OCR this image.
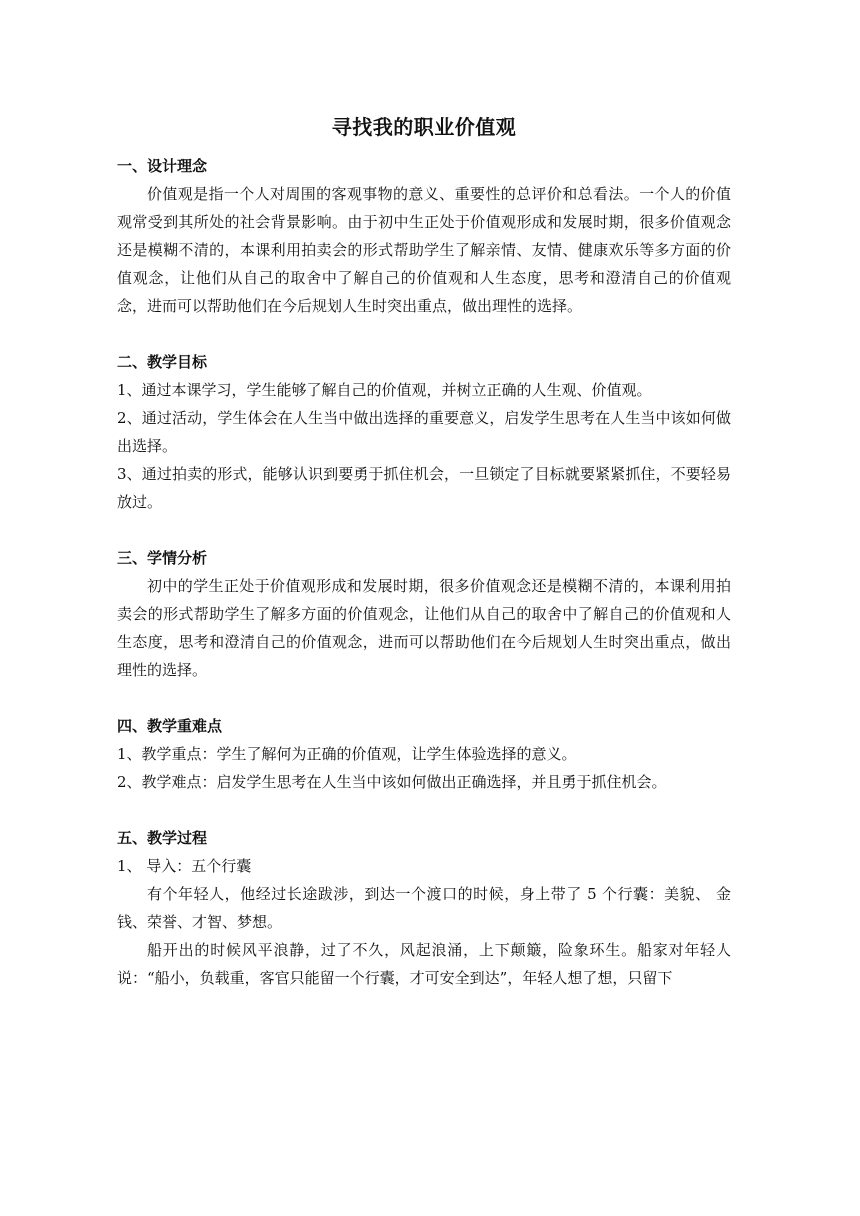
寻找我的职业价值观
一、设计理念

价值观是指一个人对周围的客观事物的意义、重要性的总评价和总看法。一个人的价值观常受到其所处的社会背景影响。由于初中生正处于价值观形成和发展时期，很多价值观念还是模糊不清的，本课利用拍卖会的形式帮助学生了解亲情、友情、健康欢乐等多方面的价值观念，让他们从自己的取舍中了解自己的价值观和人生态度，思考和澄清自己的价值观念，进而可以帮助他们在今后规划人生时突出重点，做出理性的选择。

二、教学目标

1、通过本课学习，学生能够了解自己的价值观，并树立正确的人生观、价值观。

2、通过活动，学生体会在人生当中做出选择的重要意义，启发学生思考在人生当中该如何做出选择。

3、通过拍卖的形式，能够认识到要勇于抓住机会，一旦锁定了目标就要紧紧抓住，不要轻易放过。

三、学情分析

初中的学生正处于价值观形成和发展时期，很多价值观念还是模糊不清的，本课利用拍卖会的形式帮助学生了解多方面的价值观念，让他们从自己的取舍中了解自己的价值观和人生态度，思考和澄清自己的价值观念，进而可以帮助他们在今后规划人生时突出重点，做出理性的选择。

四、教学重难点

1、教学重点：学生了解何为正确的价值观，让学生体验选择的意义。

2、教学难点：启发学生思考在人生当中该如何做出正确选择，并且勇于抓住机会。

五、教学过程

1、 导入：五个行囊

有个年轻人，他经过长途跋涉，到达一个渡口的时候，身上带了 5 个行囊：美貌、 金钱、荣誉、才智、梦想。

船开出的时候风平浪静，过了不久，风起浪涌，上下颠簸，险象环生。船家对年轻人说：“船小，负载重，客官只能留一个行囊，才可安全到达”，年轻人想了想，只留下
